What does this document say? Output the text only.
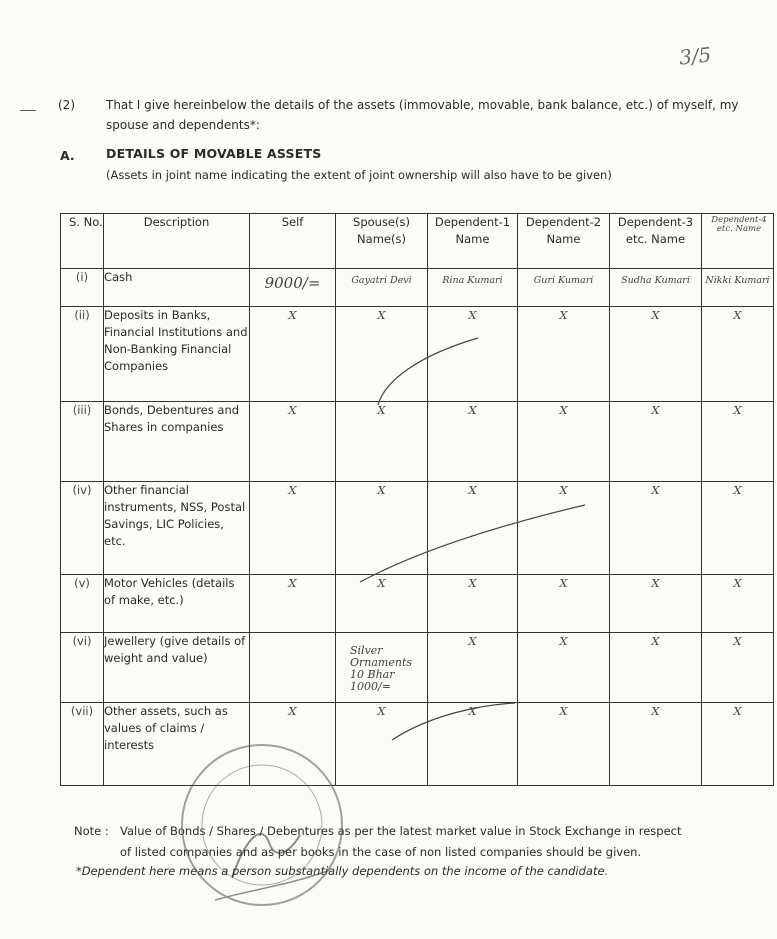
3/5
(2)	That I give hereinbelow the details of the assets (immovable, movable, bank balance, etc.) of myself, my spouse and dependents*:
A.	DETAILS OF MOVABLE ASSETS
(Assets in joint name indicating the extent of joint ownership will also have to be given)
S. No.	Description	Self	Spouse(s) Name(s)	Dependent-1 Name	Dependent-2 Name	Dependent-3 etc. Name	Dependent-4 etc. Name

(i)	Cash	9000/=	Gayatri Devi	Rina Kumari	Guri Kumari	Sudha Kumari	Nikki Kumari

(ii)	Deposits in Banks, Financial Institutions and Non-Banking Financial Companies	X	X	X	X	X	X
(iii)	Bonds, Debentures and Shares in companies	X	X	X	X	X	X
(iv)	Other financial instruments, NSS, Postal Savings, LIC Policies, etc.	X	X	X	X	X	X
(v)	Motor Vehicles (details of make, etc.)	X	X	X	X	X	X
(vi)	Jewellery (give details of weight and value)		Silver Ornaments 10 Bhar 1000/=	X	X	X	X
(vii)	Other assets, such as values of claims / interests	X	X	X	X	X	X
Note : Value of Bonds / Shares / Debentures as per the latest market value in Stock Exchange in respect
of listed companies and as per books in the case of non listed companies should be given.
*Dependent here means a person substantially dependents on the income of the candidate.
